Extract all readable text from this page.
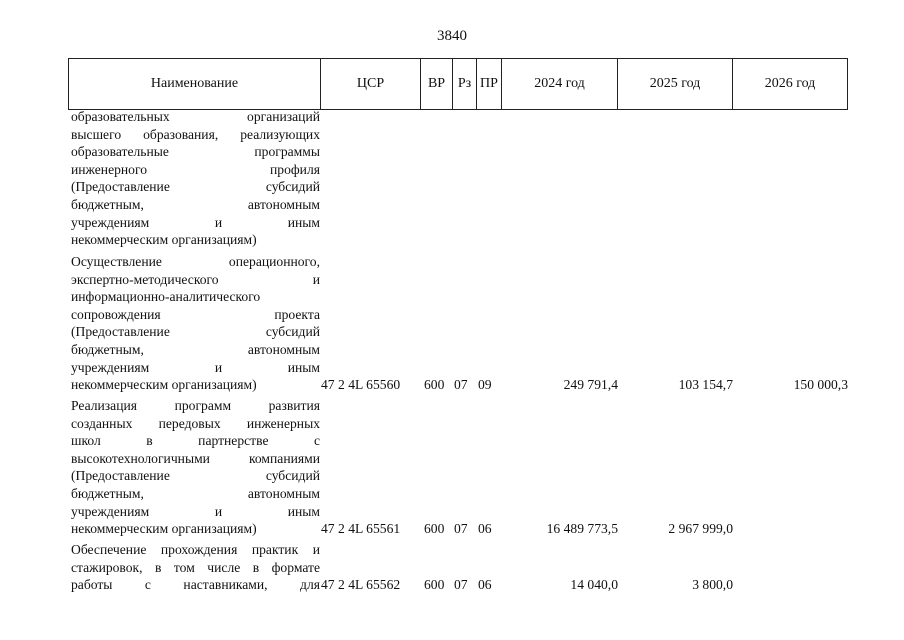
3840
Наименование	ЦСР	ВР Рз ПР	2024 год	2025 год	2026 год
образовательных организаций
высшего образования, реализующих
образовательные программы
инженерного профиля
(Предоставление субсидий
бюджетным, автономным
учреждениям и иным
некоммерческим организациям)
Осуществление операционного,
экспертно-методического и
информационно-аналитического
сопровождения проекта
(Предоставление субсидий
бюджетным, автономным
учреждениям и иным
некоммерческим организациям)	47 2 4L 65560 600 07 09	249 791,4	103 154,7	150 000,3
Реализация программ развития
созданных передовых инженерных
школ в партнерстве с
высокотехнологичными компаниями
(Предоставление субсидий
бюджетным, автономным
учреждениям и иным
некоммерческим организациям)	47 2 4L 65561 600 07 06	16 489 773,5	2 967 999,0
Обеспечение прохождения практик и
стажировок, в том числе в формате
работы с наставниками, для 47 2 4L 65562 600 07 06	14 040,0	3 800,0
